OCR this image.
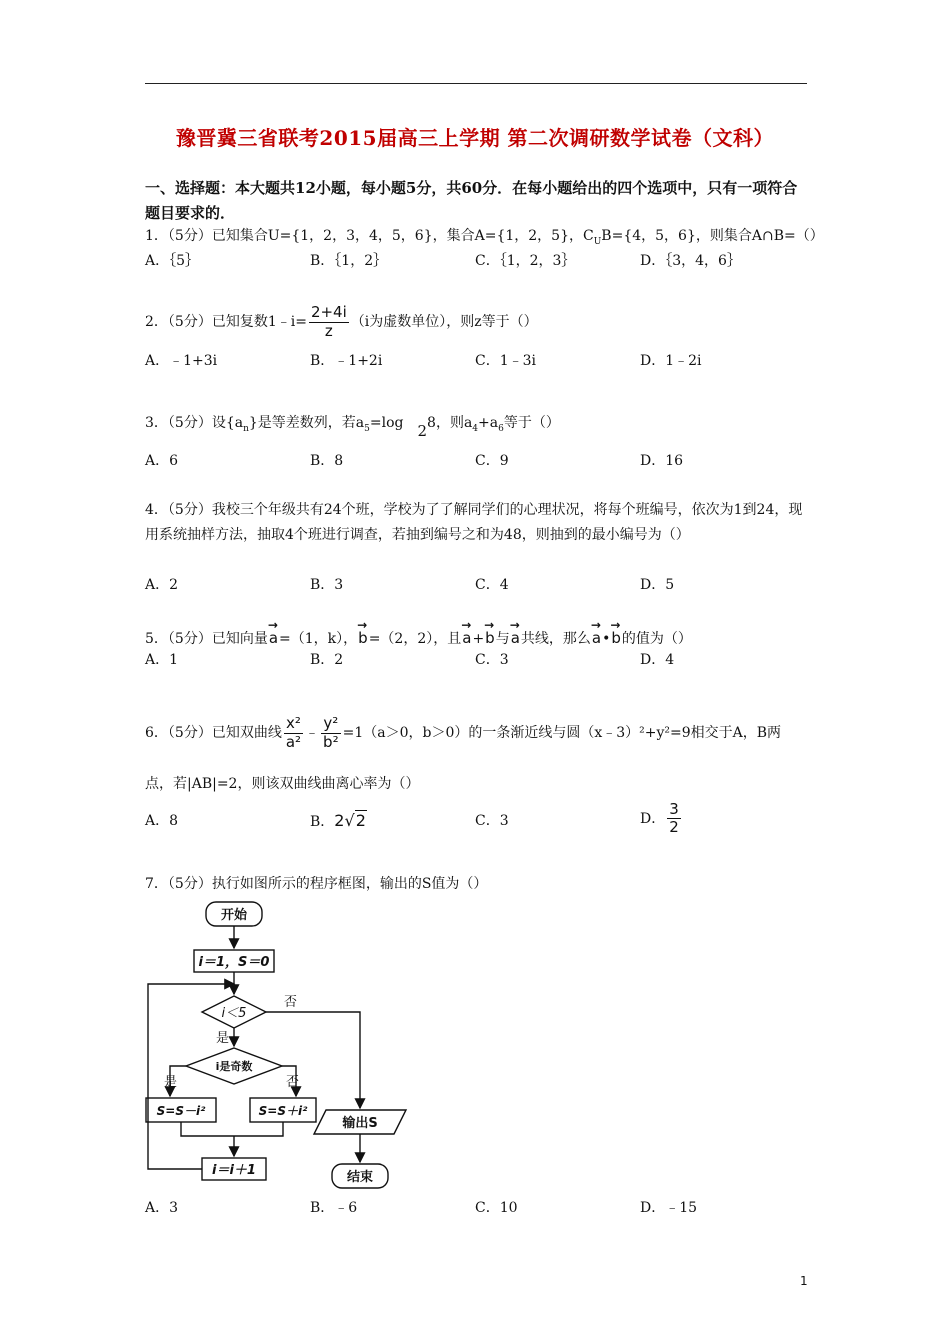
豫晋冀三省联考2015届高三上学期 第二次调研数学试卷（文科）
一、选择题：本大题共12小题，每小题5分，共60分．在每小题给出的四个选项中，只有一项符合题目要求的．
1．（5分）已知集合U={1，2，3，4，5，6}，集合A={1，2，5}，$C_UB=\{4$，5，6}，则集合A∩B=（）
A．｛5｝	B．｛1，2｝	C．｛1，2，3｝	D．｛3，4，6｝
2．（5分）已知复数1﹣i= $\frac{2+4i}{z} (i$为虚数单位），则z等于（）
A．﹣1+3i	B．﹣1+2i	C．1﹣3i	D．1﹣2i
3．（5分）设$\{a_n\}$是等差数列，若$a_5=\log$ 28，则$a_4+a_6$等于（）
A．6	B．8	C．9	D．16
4．（5分）我校三个年级共有24个班，学校为了了解同学们的心理状况，将每个班编号，依次为1到24，现用系统抽样方法，抽取4个班进行调查，若抽到编号之和为48，则抽到的最小编号为（）
A．2	B．3	C．4	D．5
5．（5分）已知向量→ a=（1，k），→ b=（2，2），且→ a+→ b与→ a共线，那么→ a•→ b的值为（）
A．1	B．2	C．3	D．4
6．（5分）已知双曲线 $\frac{\text{x²}}{\text{a²}}$ ﹣ $\frac{\text{y²}}{\text{b²}} =1(a>0$，b＞0）的一条渐近线与圆（x﹣3）²+y²=9相交于A，B两
点，若|AB|=2，则该双曲线曲离心率为（）
A．8	B．2√2	C．3	D． $\frac{3}{2}$
7．（5分）执行如图所示的程序框图，输出的S值为（）
开始
i＝1，S＝0
i＜5
否
是
i是奇数
是	否
S=S－i²	S=S＋i²
i＝i＋1
输出S
结束
A．3	B．﹣6	C．10	D．﹣15
1
